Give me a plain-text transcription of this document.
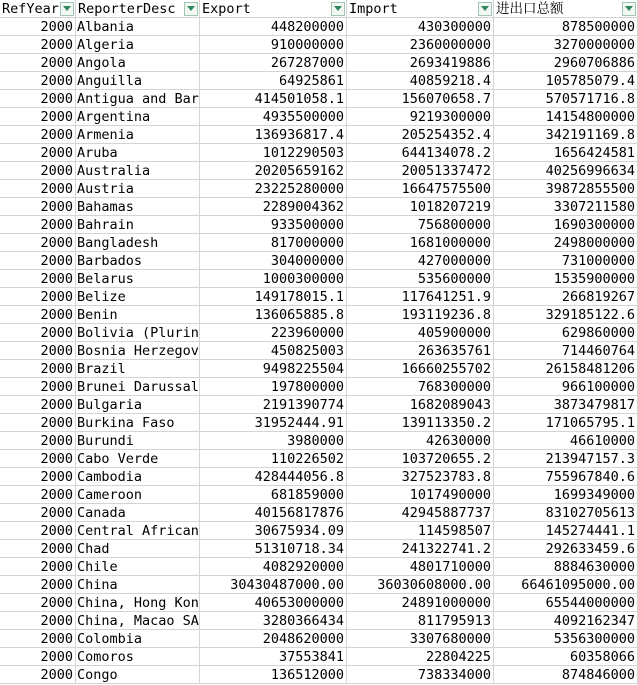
RefYear	ReporterDesc	Export	Import	进出口总额
2000 Albania	448200000	430300000	878500000
2000 Algeria	910000000	2360000000	3270000000
2000 Angola	267287000	2693419886	2960706886
2000 Anguilla	64925861	40859218.4	105785079.4
2000 Antigua and Bar	414501058.1	156070658.7	570571716.8
2000 Argentina	4935500000	9219300000	14154800000
2000 Armenia	136936817.4	205254352.4	342191169.8
2000 Aruba	1012290503	644134078.2	1656424581
2000 Australia	20205659162	20051337472	40256996634
2000 Austria	23225280000	16647575500	39872855500
2000 Bahamas	2289004362	1018207219	3307211580
2000 Bahrain	933500000	756800000	1690300000
2000 Bangladesh	817000000	1681000000	2498000000
2000 Barbados	304000000	427000000	731000000
2000 Belarus	1000300000	535600000	1535900000
2000 Belize	149178015.1	117641251.9	266819267
2000 Benin	136065885.8	193119236.8	329185122.6
2000 Bolivia (Plurin	223960000	405900000	629860000
2000 Bosnia Herzegov	450825003	263635761	714460764
2000 Brazil	9498225504	16660255702	26158481206
2000 Brunei Darussal	197800000	768300000	966100000
2000 Bulgaria	2191390774	1682089043	3873479817
2000 Burkina Faso	31952444.91	139113350.2	171065795.1
2000 Burundi	3980000	42630000	46610000
2000 Cabo Verde	110226502	103720655.2	213947157.3
2000 Cambodia	428444056.8	327523783.8	755967840.6
2000 Cameroon	681859000	1017490000	1699349000
2000 Canada	40156817876	42945887737	83102705613
2000 Central African	30675934.09	114598507	145274441.1
2000 Chad	51310718.34	241322741.2	292633459.6
2000 Chile	4082920000	4801710000	8884630000
2000 China	30430487000.00	36030608000.00	66461095000.00
2000 China, Hong Kon	40653000000	24891000000	65544000000
2000 China, Macao SA	3280366434	811795913	4092162347
2000 Colombia	2048620000	3307680000	5356300000
2000 Comoros	37553841	22804225	60358066
2000 Congo	136512000	738334000	874846000
